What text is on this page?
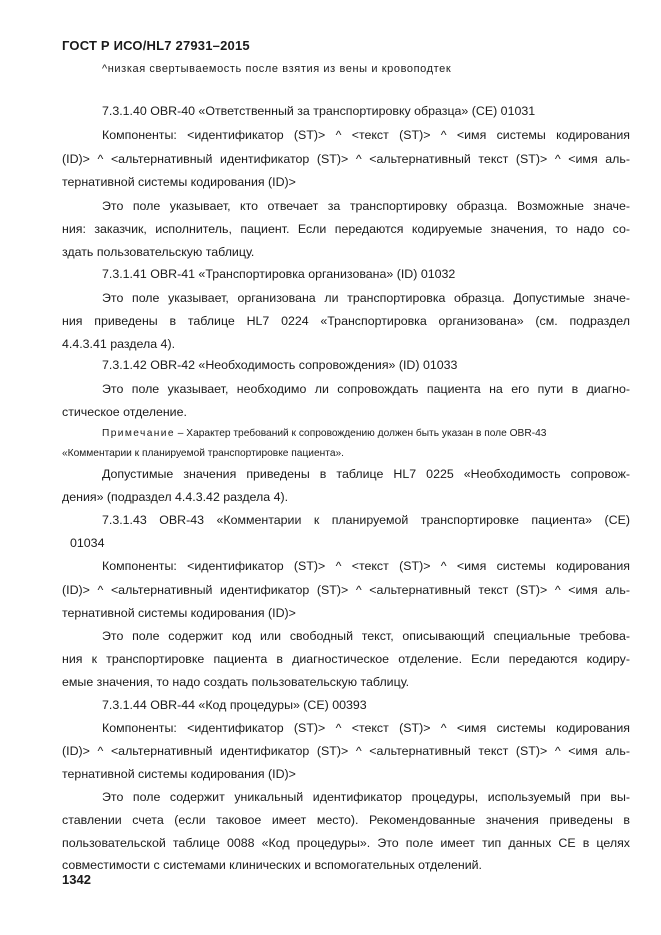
ГОСТ Р ИСО/HL7 27931–2015
^низкая свертываемость после взятия из вены и кровоподтек
7.3.1.40 OBR-40 «Ответственный за транспортировку образца» (CE) 01031
Компоненты: <идентификатор (ST)> ^ <текст (ST)> ^ <имя системы кодирования
(ID)> ^ <альтернативный идентификатор (ST)> ^ <альтернативный текст (ST)> ^ <имя аль-
тернативной системы кодирования (ID)>
Это поле указывает, кто отвечает за транспортировку образца. Возможные значе-
ния: заказчик, исполнитель, пациент. Если передаются кодируемые значения, то надо со-
здать пользовательскую таблицу.
7.3.1.41 OBR-41 «Транспортировка организована» (ID) 01032
Это поле указывает, организована ли транспортировка образца. Допустимые значе-
ния приведены в таблице HL7 0224 «Транспортировка организована» (см. подраздел
4.4.3.41 раздела 4).
7.3.1.42 OBR-42 «Необходимость сопровождения» (ID) 01033
Это поле указывает, необходимо ли сопровождать пациента на его пути в диагно-
стическое отделение.
Примечание – Характер требований к сопровождению должен быть указан в поле OBR-43
«Комментарии к планируемой транспортировке пациента».
Допустимые значения приведены в таблице HL7 0225 «Необходимость сопровож-
дения» (подраздел 4.4.3.42 раздела 4).
7.3.1.43 OBR-43 «Комментарии к планируемой транспортировке пациента» (CE)
01034
Компоненты: <идентификатор (ST)> ^ <текст (ST)> ^ <имя системы кодирования
(ID)> ^ <альтернативный идентификатор (ST)> ^ <альтернативный текст (ST)> ^ <имя аль-
тернативной системы кодирования (ID)>
Это поле содержит код или свободный текст, описывающий специальные требова-
ния к транспортировке пациента в диагностическое отделение. Если передаются кодиру-
емые значения, то надо создать пользовательскую таблицу.
7.3.1.44 OBR-44 «Код процедуры» (CE) 00393
Компоненты: <идентификатор (ST)> ^ <текст (ST)> ^ <имя системы кодирования
(ID)> ^ <альтернативный идентификатор (ST)> ^ <альтернативный текст (ST)> ^ <имя аль-
тернативной системы кодирования (ID)>
Это поле содержит уникальный идентификатор процедуры, используемый при вы-
ставлении счета (если таковое имеет место). Рекомендованные значения приведены в
пользовательской таблице 0088 «Код процедуры». Это поле имеет тип данных CE в целях
совместимости с системами клинических и вспомогательных отделений.
1342
